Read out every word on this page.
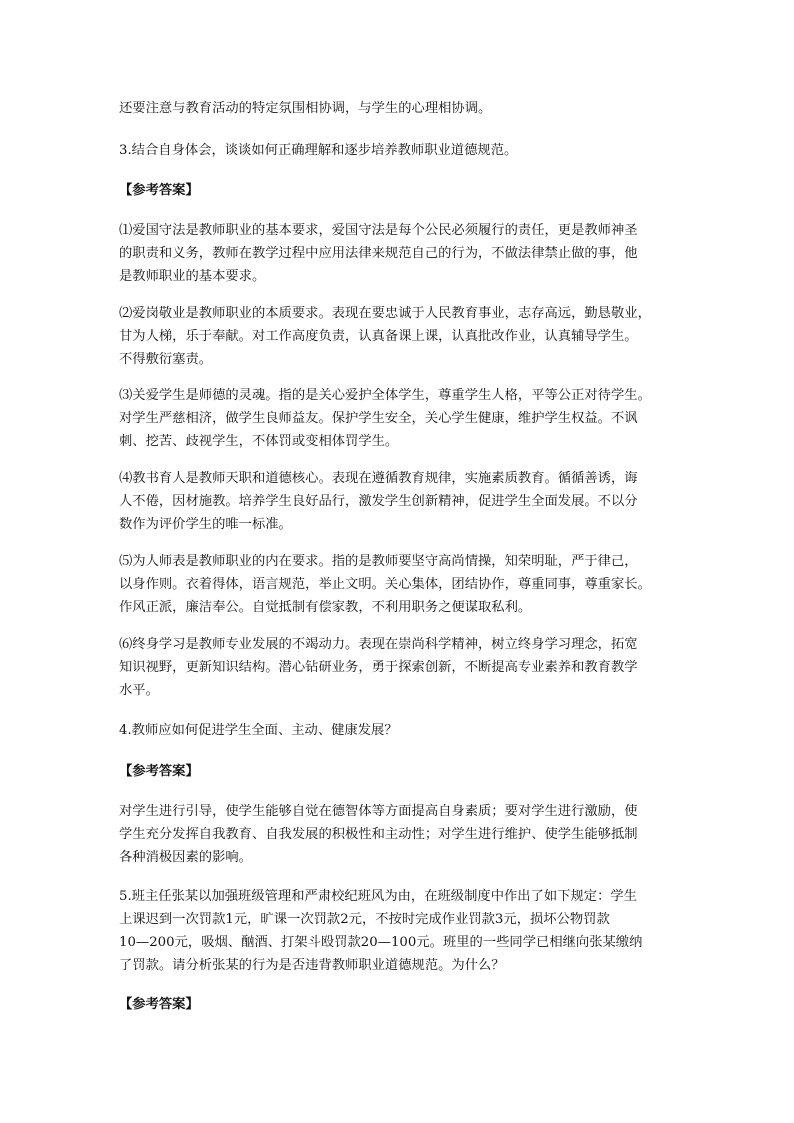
还要注意与教育活动的特定氛围相协调，与学生的心理相协调。
3.结合自身体会，谈谈如何正确理解和逐步培养教师职业道德规范。
【参考答案】
⑴爱国守法是教师职业的基本要求，爱国守法是每个公民必须履行的责任，更是教师神圣
的职责和义务，教师在教学过程中应用法律来规范自己的行为，不做法律禁止做的事，他
是教师职业的基本要求。
⑵爱岗敬业是教师职业的本质要求。表现在要忠诚于人民教育事业，志存高远，勤恳敬业，
甘为人梯，乐于奉献。对工作高度负责，认真备课上课，认真批改作业，认真辅导学生。
不得敷衍塞责。
⑶关爱学生是师德的灵魂。指的是关心爱护全体学生，尊重学生人格，平等公正对待学生。
对学生严慈相济，做学生良师益友。保护学生安全，关心学生健康，维护学生权益。不讽
刺、挖苦、歧视学生，不体罚或变相体罚学生。
⑷教书育人是教师天职和道德核心。表现在遵循教育规律，实施素质教育。循循善诱，诲
人不倦，因材施教。培养学生良好品行，激发学生创新精神，促进学生全面发展。不以分
数作为评价学生的唯一标准。
⑸为人师表是教师职业的内在要求。指的是教师要坚守高尚情操，知荣明耻，严于律己，
以身作则。衣着得体，语言规范，举止文明。关心集体，团结协作，尊重同事，尊重家长。
作风正派，廉洁奉公。自觉抵制有偿家教，不利用职务之便谋取私利。
⑹终身学习是教师专业发展的不竭动力。表现在崇尚科学精神，树立终身学习理念，拓宽
知识视野，更新知识结构。潜心钻研业务，勇于探索创新，不断提高专业素养和教育教学
水平。
4.教师应如何促进学生全面、主动、健康发展？
【参考答案】
对学生进行引导，使学生能够自觉在德智体等方面提高自身素质；要对学生进行激励，使
学生充分发挥自我教育、自我发展的积极性和主动性；对学生进行维护、使学生能够抵制
各种消极因素的影响。
5.班主任张某以加强班级管理和严肃校纪班风为由，在班级制度中作出了如下规定：学生
上课迟到一次罚款1元，旷课一次罚款2元，不按时完成作业罚款3元，损坏公物罚款
10—200元，吸烟、酗酒、打架斗殴罚款20—100元。班里的一些同学已相继向张某缴纳
了罚款。请分析张某的行为是否违背教师职业道德规范。为什么？
【参考答案】
